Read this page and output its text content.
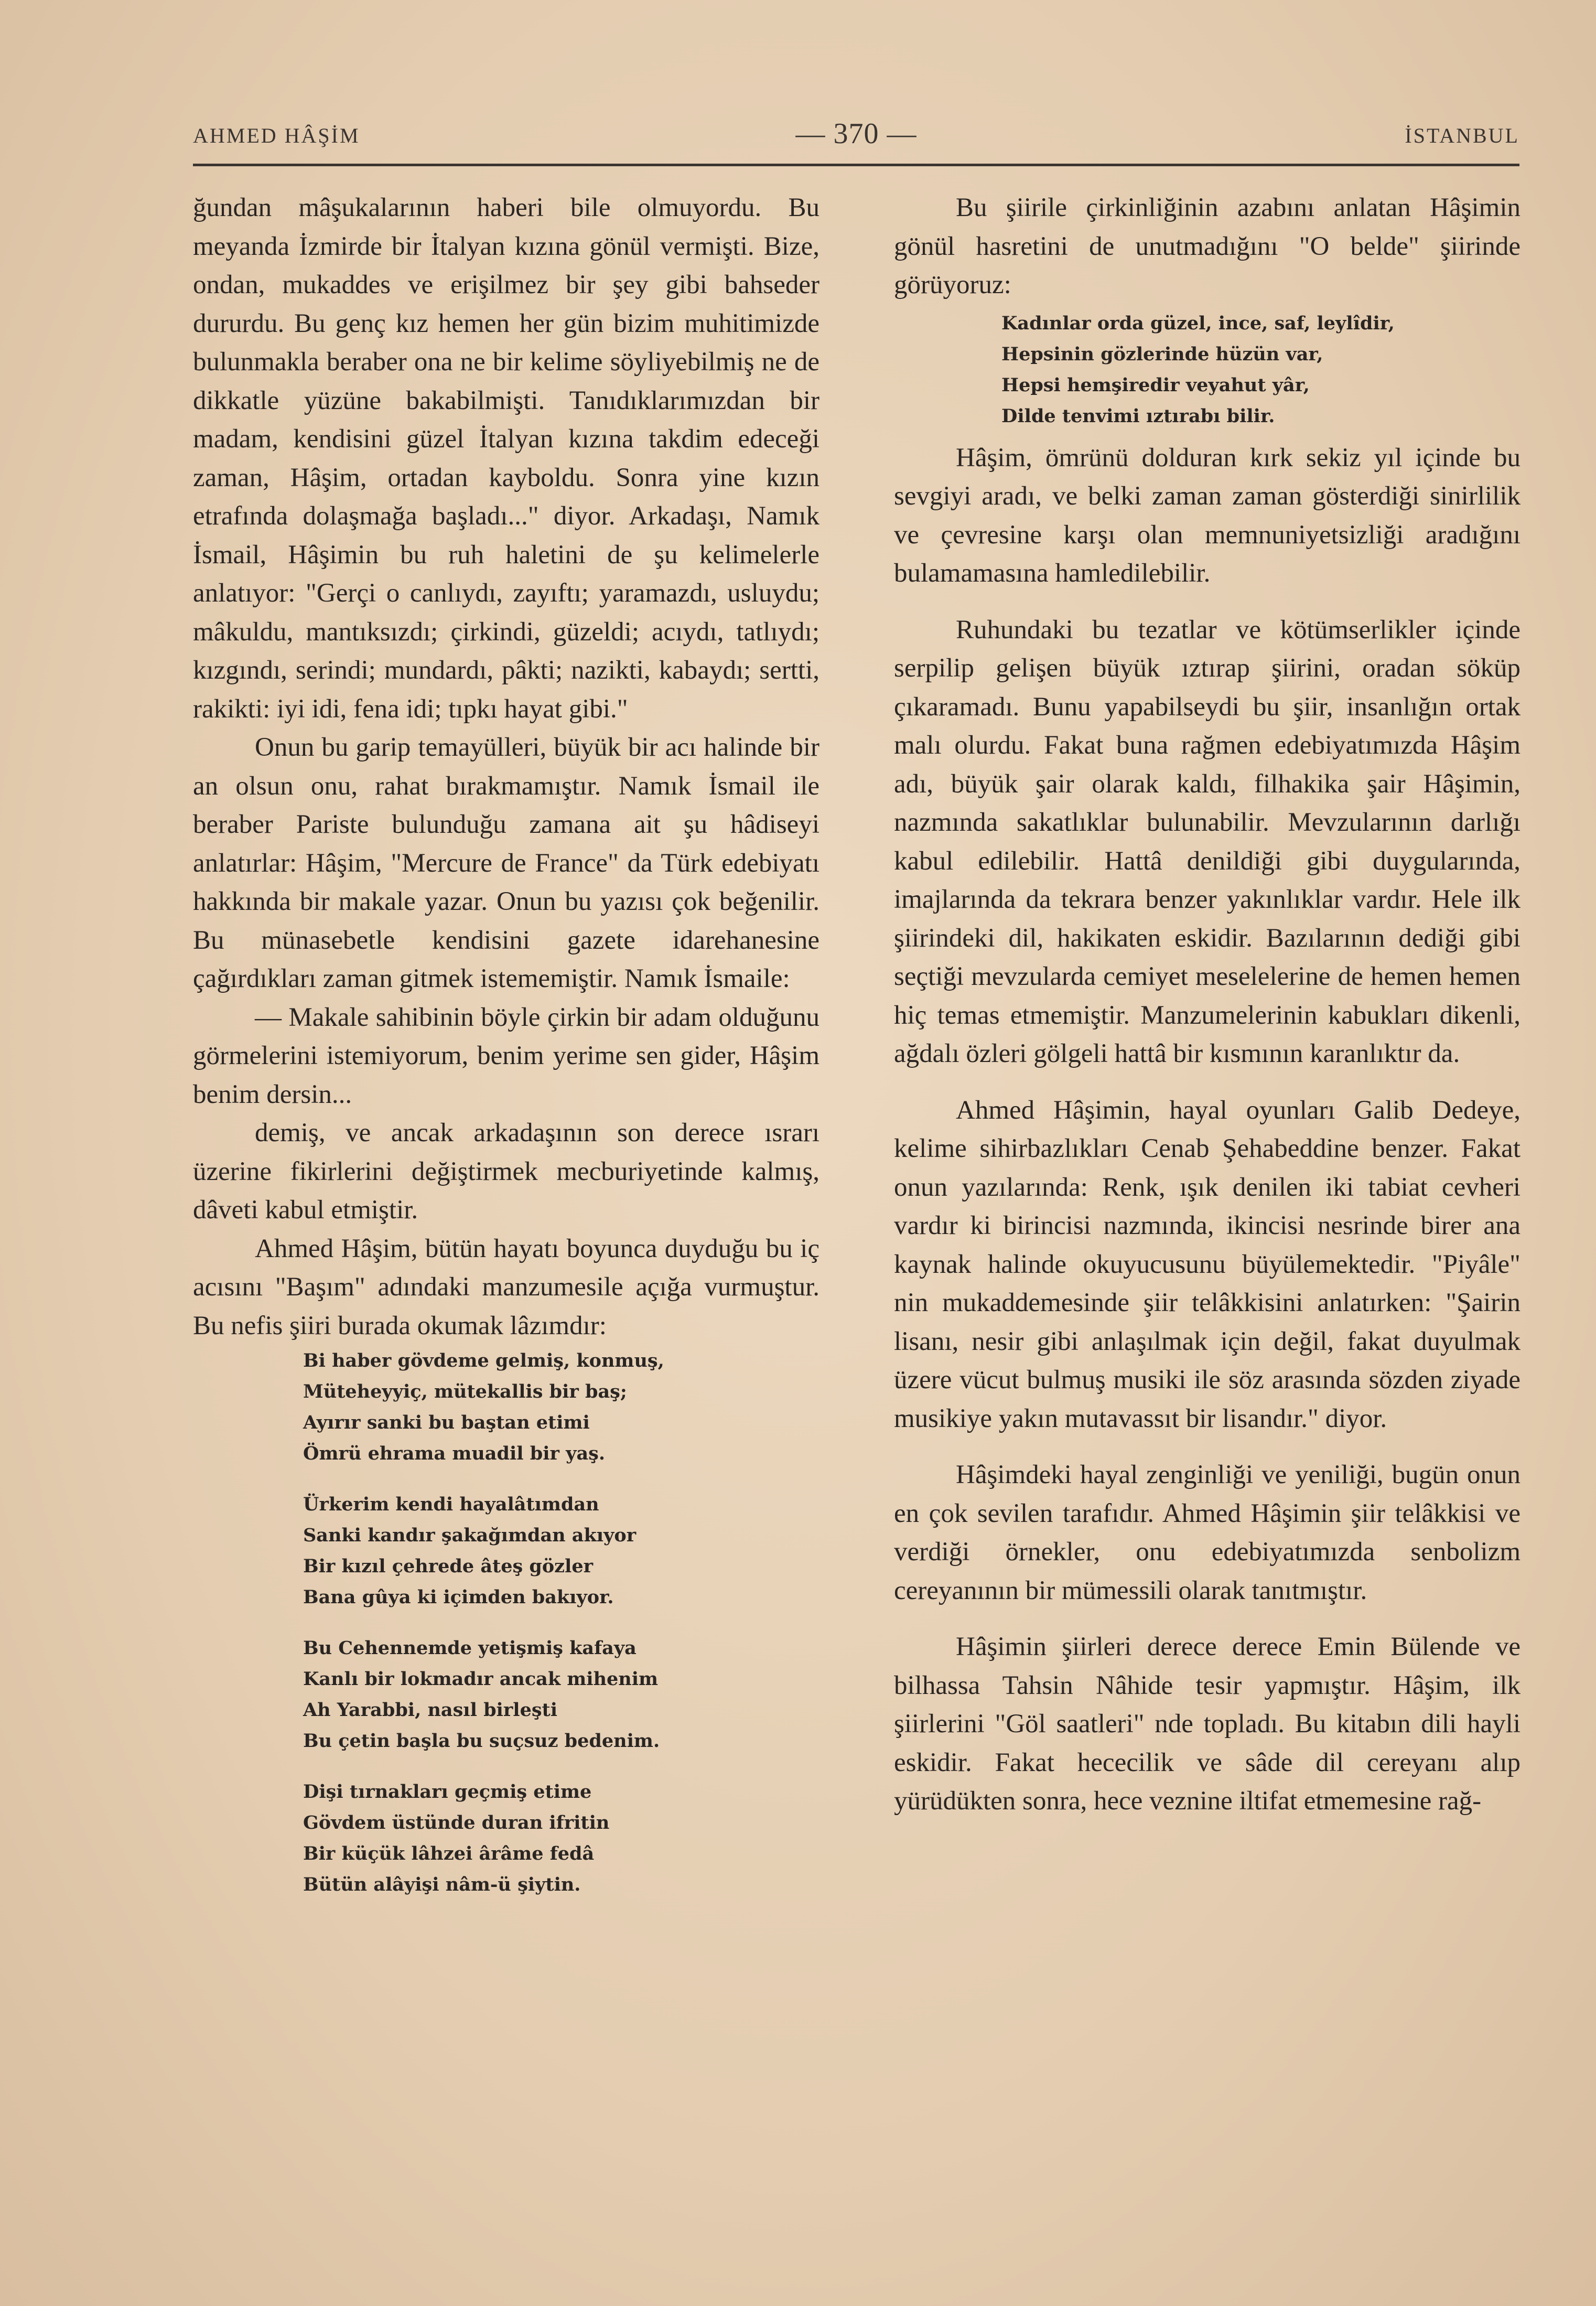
AHMED HÂŞİM	— 370 —	İSTANBUL

ğundan mâşukalarının haberi bile olmuyordu. Bu meyanda İzmirde bir İtalyan kızına gönül vermişti. Bize, ondan, mukaddes ve erişilmez bir şey gibi bahseder dururdu. Bu genç kız hemen her gün bizim muhitimizde bulunmakla beraber ona ne bir kelime söyliyebilmiş ne de dikkatle yüzüne bakabilmişti. Tanıdıklarımızdan bir madam, kendisini güzel İtalyan kızına takdim edeceği zaman, Hâşim, ortadan kayboldu. Sonra yine kızın etrafında dolaşmağa başladı..." diyor. Arkadaşı, Namık İsmail, Hâşimin bu ruh haletini de şu kelimelerle anlatıyor: "Gerçi o canlıydı, zayıftı; yaramazdı, usluydu; mâkuldu, mantıksızdı; çirkindi, güzeldi; acıydı, tatlıydı; kızgındı, serindi; mundardı, pâkti; nazikti, kabaydı; sertti, rakikti: iyi idi, fena idi; tıpkı hayat gibi."

Onun bu garip temayülleri, büyük bir acı halinde bir an olsun onu, rahat bırakmamıştır. Namık İsmail ile beraber Pariste bulunduğu zamana ait şu hâdiseyi anlatırlar: Hâşim, "Mercure de France" da Türk edebiyatı hakkında bir makale yazar. Onun bu yazısı çok beğenilir. Bu münasebetle kendisini gazete idarehanesine çağırdıkları zaman gitmek istememiştir. Namık İsmaile:

— Makale sahibinin böyle çirkin bir adam olduğunu görmelerini istemiyorum, benim yerime sen gider, Hâşim benim dersin...

demiş, ve ancak arkadaşının son derece ısrarı üzerine fikirlerini değiştirmek mecburiyetinde kalmış, dâveti kabul etmiştir.

Ahmed Hâşim, bütün hayatı boyunca duyduğu bu iç acısını "Başım" adındaki manzumesile açığa vurmuştur. Bu nefis şiiri burada okumak lâzımdır:

Bi haber gövdeme gelmiş, konmuş,
Müteheyyiç, mütekallis bir baş;
Ayırır sanki bu baştan etimi
Ömrü ehrama muadil bir yaş.
Ürkerim kendi hayalâtımdan
Sanki kandır şakağımdan akıyor
Bir kızıl çehrede âteş gözler
Bana gûya ki içimden bakıyor.
Bu Cehennemde yetişmiş kafaya
Kanlı bir lokmadır ancak mihenim
Ah Yarabbi, nasıl birleşti
Bu çetin başla bu suçsuz bedenim.
Dişi tırnakları geçmiş etime
Gövdem üstünde duran ifritin
Bir küçük lâhzei ârâme fedâ
Bütün alâyişi nâm-ü şiytin.

Bu şiirile çirkinliğinin azabını anlatan Hâşimin gönül hasretini de unutmadığını "O belde" şiirinde görüyoruz:

Kadınlar orda güzel, ince, saf, leylîdir,
Hepsinin gözlerinde hüzün var,
Hepsi hemşiredir veyahut yâr,
Dilde tenvimi ıztırabı bilir.

Hâşim, ömrünü dolduran kırk sekiz yıl içinde bu sevgiyi aradı, ve belki zaman zaman gösterdiği sinirlilik ve çevresine karşı olan memnuniyetsizliği aradığını bulamamasına hamledilebilir.

Ruhundaki bu tezatlar ve kötümserlikler içinde serpilip gelişen büyük ıztırap şiirini, oradan söküp çıkaramadı. Bunu yapabilseydi bu şiir, insanlığın ortak malı olurdu. Fakat buna rağmen edebiyatımızda Hâşim adı, büyük şair olarak kaldı, filhakika şair Hâşimin, nazmında sakatlıklar bulunabilir. Mevzularının darlığı kabul edilebilir. Hattâ denildiği gibi duygularında, imajlarında da tekrara benzer yakınlıklar vardır. Hele ilk şiirindeki dil, hakikaten eskidir. Bazılarının dediği gibi seçtiği mevzularda cemiyet meselelerine de hemen hemen hiç temas etmemiştir. Manzumelerinin kabukları dikenli, ağdalı özleri gölgeli hattâ bir kısmının karanlıktır da.

Ahmed Hâşimin, hayal oyunları Galib Dedeye, kelime sihirbazlıkları Cenab Şehabeddine benzer. Fakat onun yazılarında: Renk, ışık denilen iki tabiat cevheri vardır ki birincisi nazmında, ikincisi nesrinde birer ana kaynak halinde okuyucusunu büyülemektedir. "Piyâle" nin mukaddemesinde şiir telâkkisini anlatırken: "Şairin lisanı, nesir gibi anlaşılmak için değil, fakat duyulmak üzere vücut bulmuş musiki ile söz arasında sözden ziyade musikiye yakın mutavassıt bir lisandır." diyor.

Hâşimdeki hayal zenginliği ve yeniliği, bugün onun en çok sevilen tarafıdır. Ahmed Hâşimin şiir telâkkisi ve verdiği örnekler, onu edebiyatımızda senbolizm cereyanının bir mümessili olarak tanıtmıştır.

Hâşimin şiirleri derece derece Emin Bülende ve bilhassa Tahsin Nâhide tesir yapmıştır. Hâşim, ilk şiirlerini "Göl saatleri" nde topladı. Bu kitabın dili hayli eskidir. Fakat hececilik ve sâde dil cereyanı alıp yürüdükten sonra, hece veznine iltifat etmemesine rağ-
